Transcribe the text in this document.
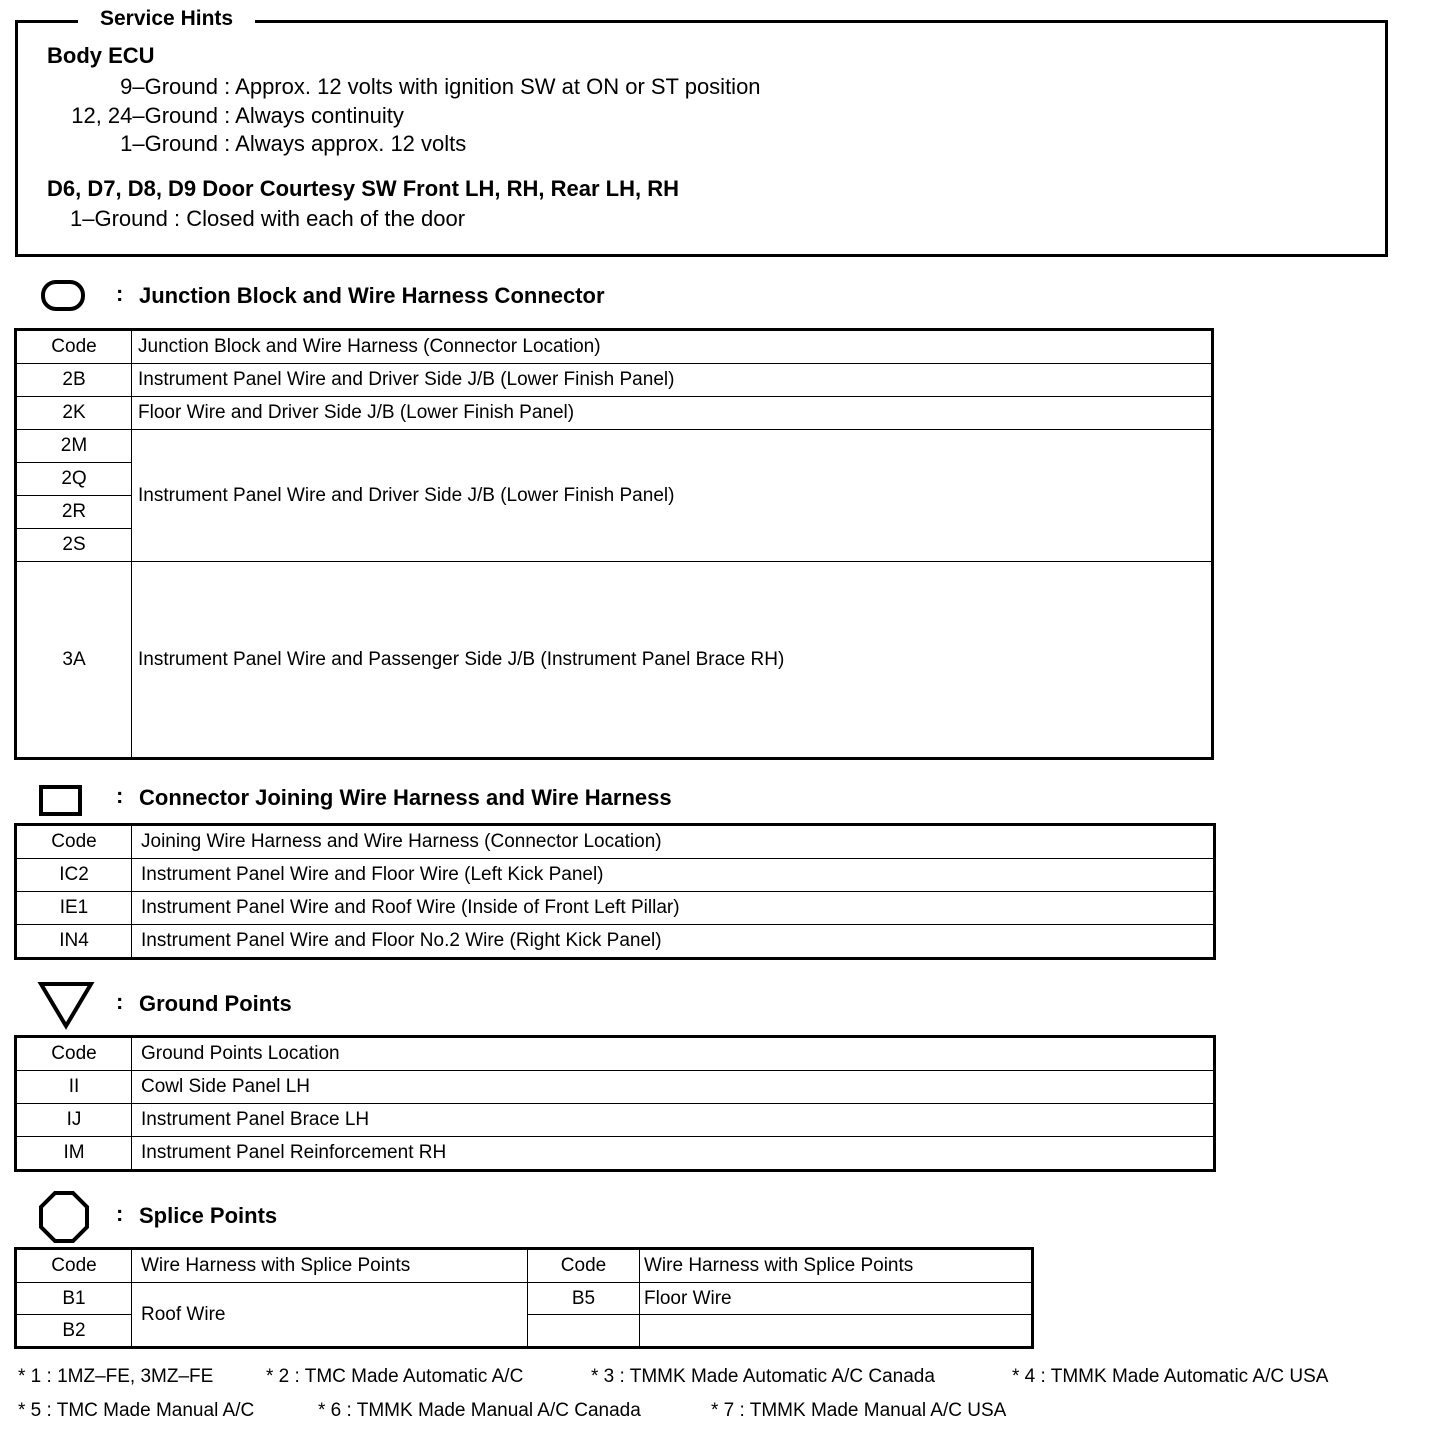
Service Hints
Body ECU
9–Ground : Approx. 12 volts with ignition SW at ON or ST position
12, 24–Ground : Always continuity
1–Ground : Always approx. 12 volts
D6, D7, D8, D9 Door Courtesy SW Front LH, RH, Rear LH, RH
1–Ground : Closed with each of the door
: Junction Block and Wire Harness Connector
Code	Junction Block and Wire Harness (Connector Location)
2B	Instrument Panel Wire and Driver Side J/B (Lower Finish Panel)
2K	Floor Wire and Driver Side J/B (Lower Finish Panel)
2M	Instrument Panel Wire and Driver Side J/B (Lower Finish Panel)
2Q	
2R	
2S	
3A	Instrument Panel Wire and Passenger Side J/B (Instrument Panel Brace RH)
: Connector Joining Wire Harness and Wire Harness
Code	Joining Wire Harness and Wire Harness (Connector Location)
IC2	Instrument Panel Wire and Floor Wire (Left Kick Panel)
IE1	Instrument Panel Wire and Roof Wire (Inside of Front Left Pillar)
IN4	Instrument Panel Wire and Floor No.2 Wire (Right Kick Panel)
: Ground Points
Code	Ground Points Location
II	Cowl Side Panel LH
IJ	Instrument Panel Brace LH
IM	Instrument Panel Reinforcement RH
: Splice Points
Code	Wire Harness with Splice Points	Code	Wire Harness with Splice Points
B1	Roof Wire	B5	Floor Wire
B2			
* 1 : 1MZ–FE, 3MZ–FE	* 2 : TMC Made Automatic A/C	* 3 : TMMK Made Automatic A/C Canada	* 4 : TMMK Made Automatic A/C USA
* 5 : TMC Made Manual A/C	* 6 : TMMK Made Manual A/C Canada	* 7 : TMMK Made Manual A/C USA
